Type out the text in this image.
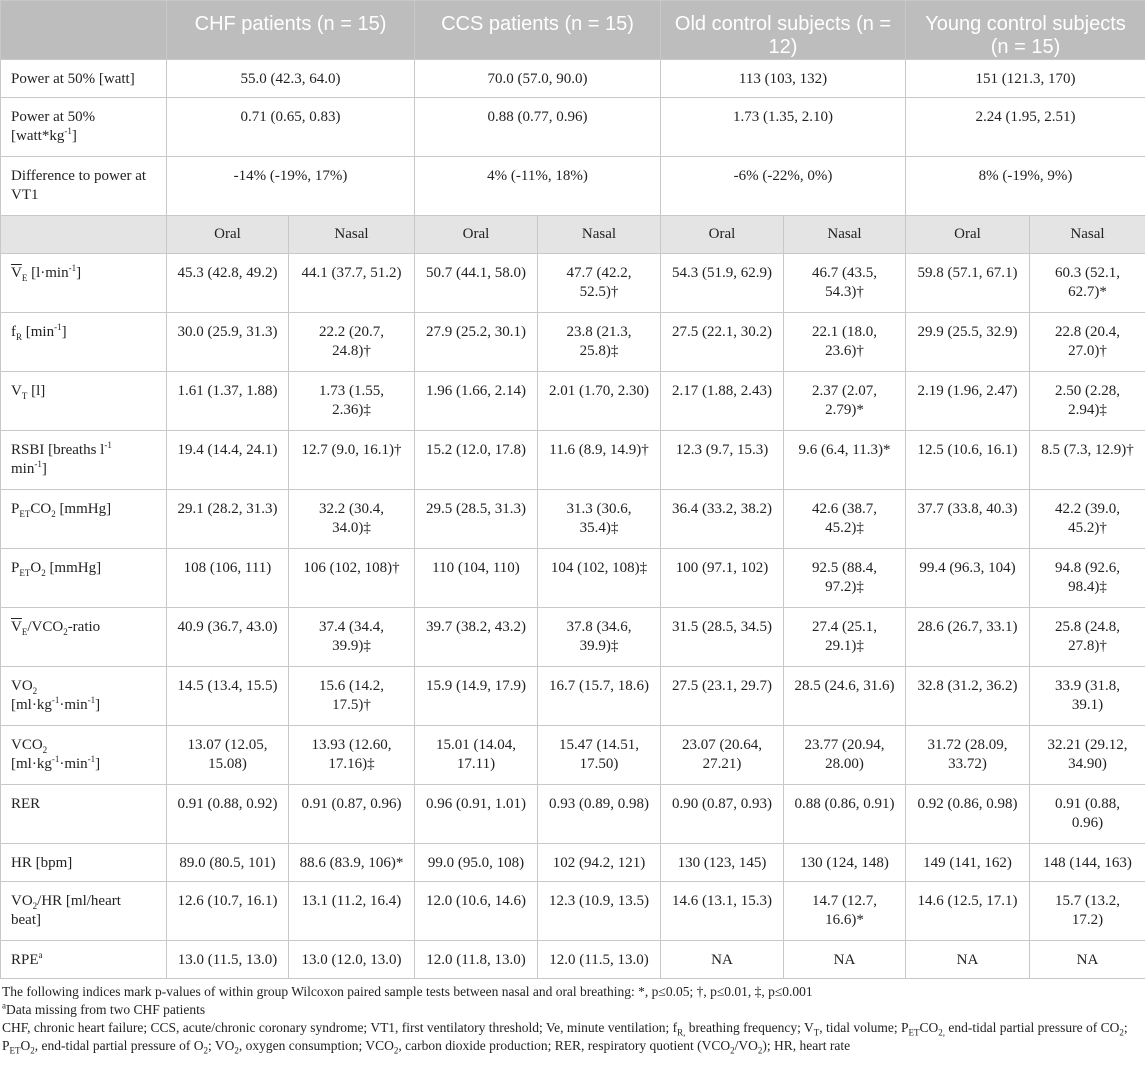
	CHF patients (n = 15)		CCS patients (n = 15)		Old control subjects (n = 12)		Young control subjects (n = 15)	
Power at 50% [watt]	55.0 (42.3, 64.0)		70.0 (57.0, 90.0)		113 (103, 132)		151 (121.3, 170)	
Power at 50%
$[watt*kg^{-1}]$	0.71 (0.65, 0.83)		0.88 (0.77, 0.96)		1.73 (1.35, 2.10)		2.24 (1.95, 2.51)	
Difference to power at VT1	-14% (-19%, 17%)		4% (-11%, 18%)		-6% (-22%, 0%)		8% (-19%, 9%)	
	Oral	Nasal	Oral	Nasal	Oral	Nasal	Oral	Nasal
$\overline{V}_E$ $[l\cdot\min^{-1}]$	45.3 (42.8, 49.2)	44.1 (37.7, 51.2)	50.7 (44.1, 58.0)	47.7 (42.2, 52.5)†	54.3 (51.9, 62.9)	46.7 (43.5, 54.3)†	59.8 (57.1, 67.1)	60.3 (52.1, 62.7)*
$f_R$ $[\min^{-1}]$	30.0 (25.9, 31.3)	22.2 (20.7, 24.8)†	27.9 (25.2, 30.1)	23.8 (21.3, 25.8)‡	27.5 (22.1, 30.2)	22.1 (18.0, 23.6)†	29.9 (25.5, 32.9)	22.8 (20.4, 27.0)†
$V_T$ [l]	1.61 (1.37, 1.88)	1.73 (1.55, 2.36)‡	1.96 (1.66, 2.14)	2.01 (1.70, 2.30)	2.17 (1.88, 2.43)	2.37 (2.07, 2.79)*	2.19 (1.96, 2.47)	2.50 (2.28, 2.94)‡
RSBI [breaths $l^{-1}$
$\min^{-1}$]	19.4 (14.4, 24.1)	12.7 (9.0, 16.1)†	15.2 (12.0, 17.8)	11.6 (8.9, 14.9)†	12.3 (9.7, 15.3)	9.6 (6.4, 11.3)*	12.5 (10.6, 16.1)	8.5 (7.3, 12.9)†
$P_{ET}CO_2$ [mmHg]	29.1 (28.2, 31.3)	32.2 (30.4, 34.0)‡	29.5 (28.5, 31.3)	31.3 (30.6, 35.4)‡	36.4 (33.2, 38.2)	42.6 (38.7, 45.2)‡	37.7 (33.8, 40.3)	42.2 (39.0, 45.2)†
$P_{ET}O_2$ [mmHg]	108 (106, 111)	106 (102, 108)†	110 (104, 110)	104 (102, 108)‡	100 (97.1, 102)	92.5 (88.4, 97.2)‡	99.4 (96.3, 104)	94.8 (92.6, 98.4)‡
$\overline{V}_E/VCO_2$-ratio	40.9 (36.7, 43.0)	37.4 (34.4, 39.9)‡	39.7 (38.2, 43.2)	37.8 (34.6, 39.9)‡	31.5 (28.5, 34.5)	27.4 (25.1, 29.1)‡	28.6 (26.7, 33.1)	25.8 (24.8, 27.8)†
$VO_2$
$[ml\cdot kg^{-1}\cdot\min^{-1}]$	14.5 (13.4, 15.5)	15.6 (14.2, 17.5)†	15.9 (14.9, 17.9)	16.7 (15.7, 18.6)	27.5 (23.1, 29.7)	28.5 (24.6, 31.6)	32.8 (31.2, 36.2)	33.9 (31.8, 39.1)
$VCO_2$
$[ml\cdot kg^{-1}\cdot\min^{-1}]$	13.07 (12.05, 15.08)	13.93 (12.60, 17.16)‡	15.01 (14.04, 17.11)	15.47 (14.51, 17.50)	23.07 (20.64, 27.21)	23.77 (20.94, 28.00)	31.72 (28.09, 33.72)	32.21 (29.12, 34.90)
RER	0.91 (0.88, 0.92)	0.91 (0.87, 0.96)	0.96 (0.91, 1.01)	0.93 (0.89, 0.98)	0.90 (0.87, 0.93)	0.88 (0.86, 0.91)	0.92 (0.86, 0.98)	0.91 (0.88, 0.96)
HR [bpm]	89.0 (80.5, 101)	88.6 (83.9, 106)*	99.0 (95.0, 108)	102 (94.2, 121)	130 (123, 145)	130 (124, 148)	149 (141, 162)	148 (144, 163)
$VO_2/HR$ [ml/heart
beat]	12.6 (10.7, 16.1)	13.1 (11.2, 16.4)	12.0 (10.6, 14.6)	12.3 (10.9, 13.5)	14.6 (13.1, 15.3)	14.7 (12.7, 16.6)*	14.6 (12.5, 17.1)	15.7 (13.2, 17.2)
RPE$^a$	13.0 (11.5, 13.0)	13.0 (12.0, 13.0)	12.0 (11.8, 13.0)	12.0 (11.5, 13.0)	NA	NA	NA	NA
The following indices mark p-values of within group Wilcoxon paired sample tests between nasal and oral breathing: *, p≤0.05; †, p≤0.01, ‡, p≤0.001
$^a$Data missing from two CHF patients
CHF, chronic heart failure; CCS, acute/chronic coronary syndrome; VT1, first ventilatory threshold; Ve, minute ventilation; $f_{R,}$ breathing frequency; $V_T$, tidal volume; $P_{ET}CO_{2,}$ end-tidal partial pressure of $CO_2$; $P_{ET}O_2$, end-tidal partial pressure of $O_2$; $VO_2$, oxygen consumption; $VCO_2$, carbon dioxide production; RER, respiratory quotient $(VCO_2/VO_2)$; HR, heart rate
